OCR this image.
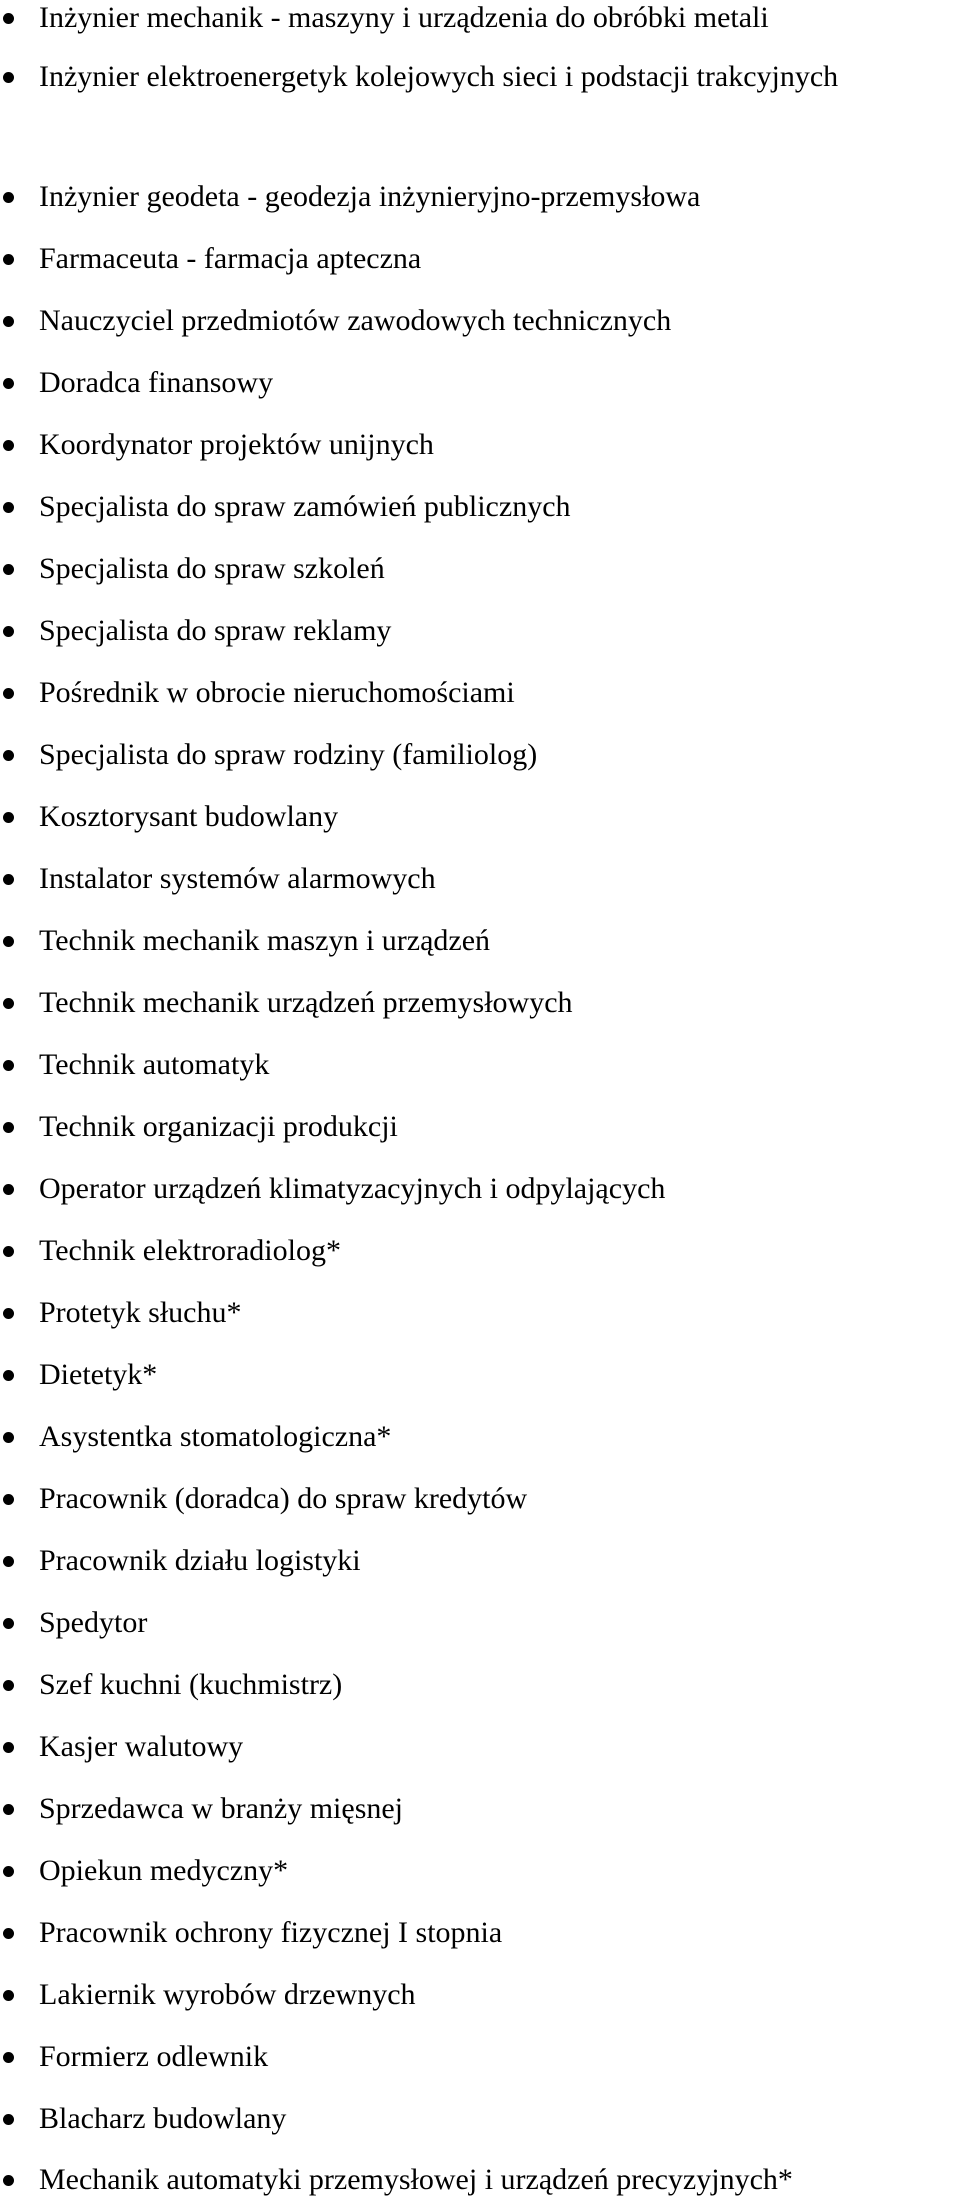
Inżynier mechanik - maszyny i urządzenia do obróbki metali
Inżynier elektroenergetyk kolejowych sieci i podstacji trakcyjnych
Inżynier geodeta - geodezja inżynieryjno-przemysłowa
Farmaceuta - farmacja apteczna
Nauczyciel przedmiotów zawodowych technicznych
Doradca finansowy
Koordynator projektów unijnych
Specjalista do spraw zamówień publicznych
Specjalista do spraw szkoleń
Specjalista do spraw reklamy
Pośrednik w obrocie nieruchomościami
Specjalista do spraw rodziny (familiolog)
Kosztorysant budowlany
Instalator systemów alarmowych
Technik mechanik maszyn i urządzeń
Technik mechanik urządzeń przemysłowych
Technik automatyk
Technik organizacji produkcji
Operator urządzeń klimatyzacyjnych i odpylających
Technik elektroradiolog*
Protetyk słuchu*
Dietetyk*
Asystentka stomatologiczna*
Pracownik (doradca) do spraw kredytów
Pracownik działu logistyki
Spedytor
Szef kuchni (kuchmistrz)
Kasjer walutowy
Sprzedawca w branży mięsnej
Opiekun medyczny*
Pracownik ochrony fizycznej I stopnia
Lakiernik wyrobów drzewnych
Formierz odlewnik
Blacharz budowlany
Mechanik automatyki przemysłowej i urządzeń precyzyjnych*
